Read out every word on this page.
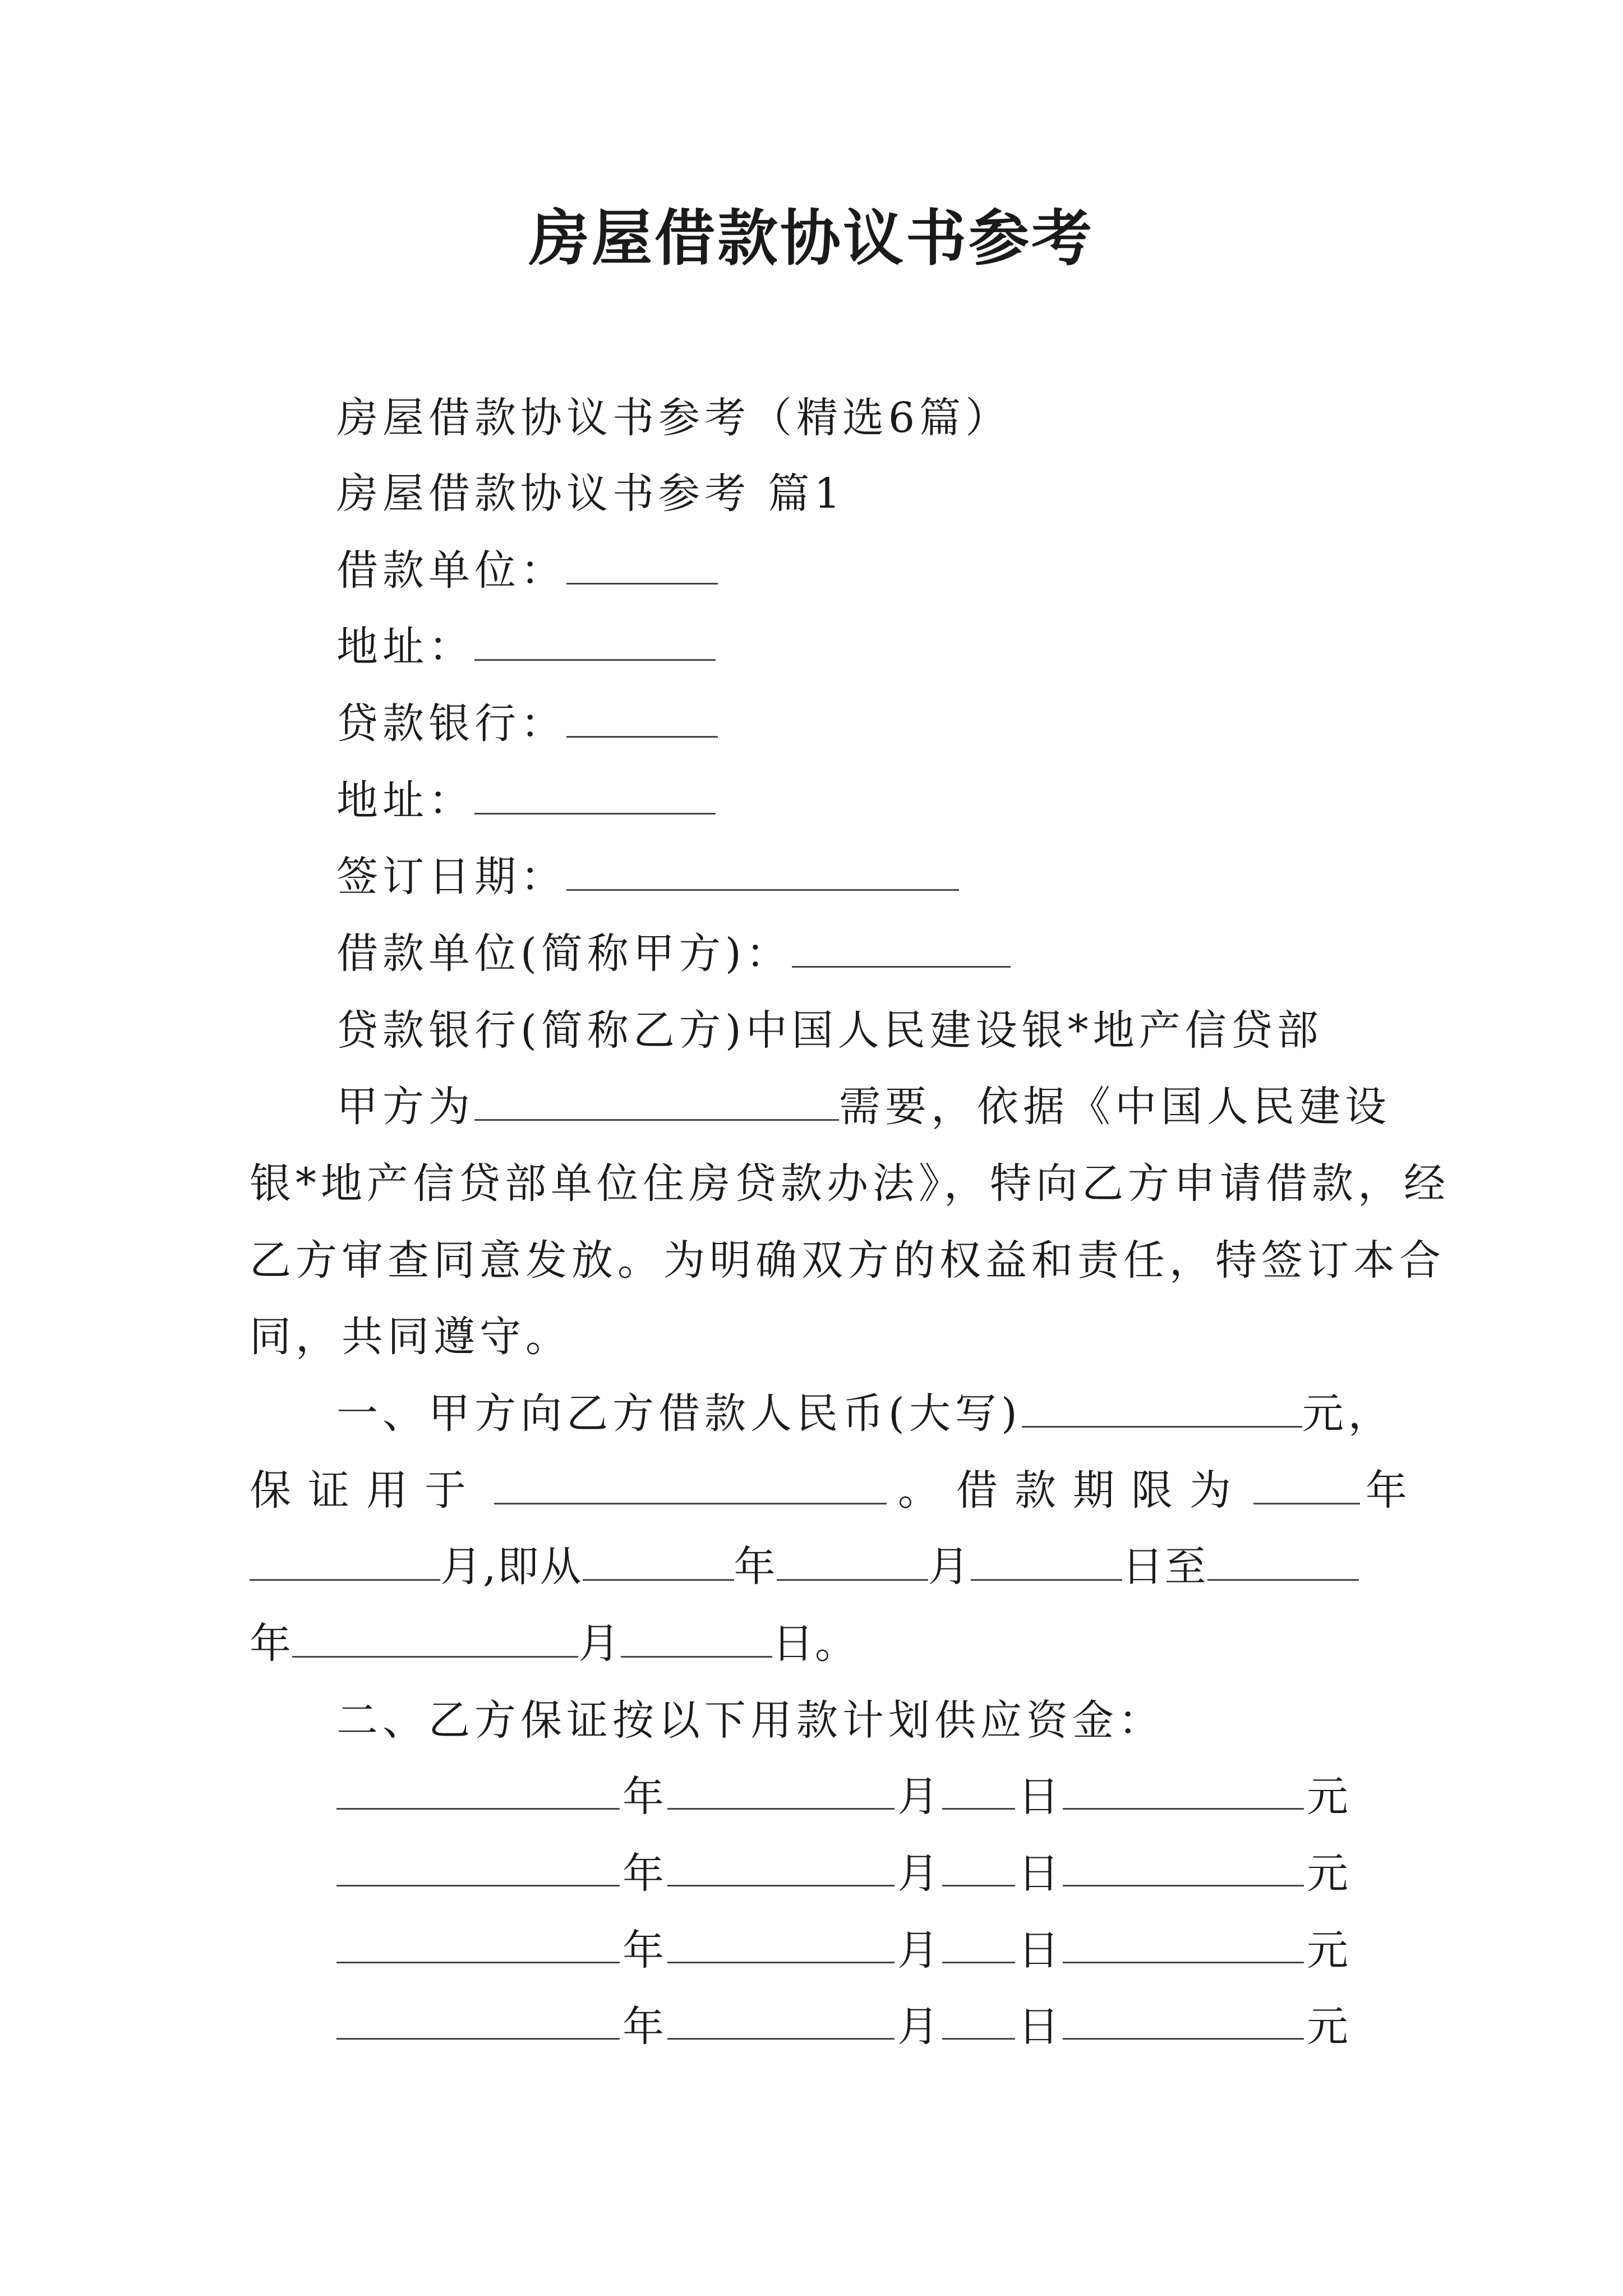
房屋借款协议书参考
房屋借款协议书参考（精选6篇）
房屋借款协议书参考 篇1
借款单位：
地址：
贷款银行：
地址：
签订日期：
借款单位(简称甲方)：
贷款银行(简称乙方)中国人民建设银*地产信贷部
甲方为	需要，依据《中国人民建设
银*地产信贷部单位住房贷款办法》，特向乙方申请借款，经
乙方审查同意发放。为明确双方的权益和责任，特签订本合
同，共同遵守。
一、甲方向乙方借款人民币(大写)	元，
保证用于	。借款期限为	年
月,即从	年	月	日至
年	月	日。
二、乙方保证按以下用款计划供应资金：
年	月 日	元
年	月 日	元
年	月 日	元
年	月 日	元
